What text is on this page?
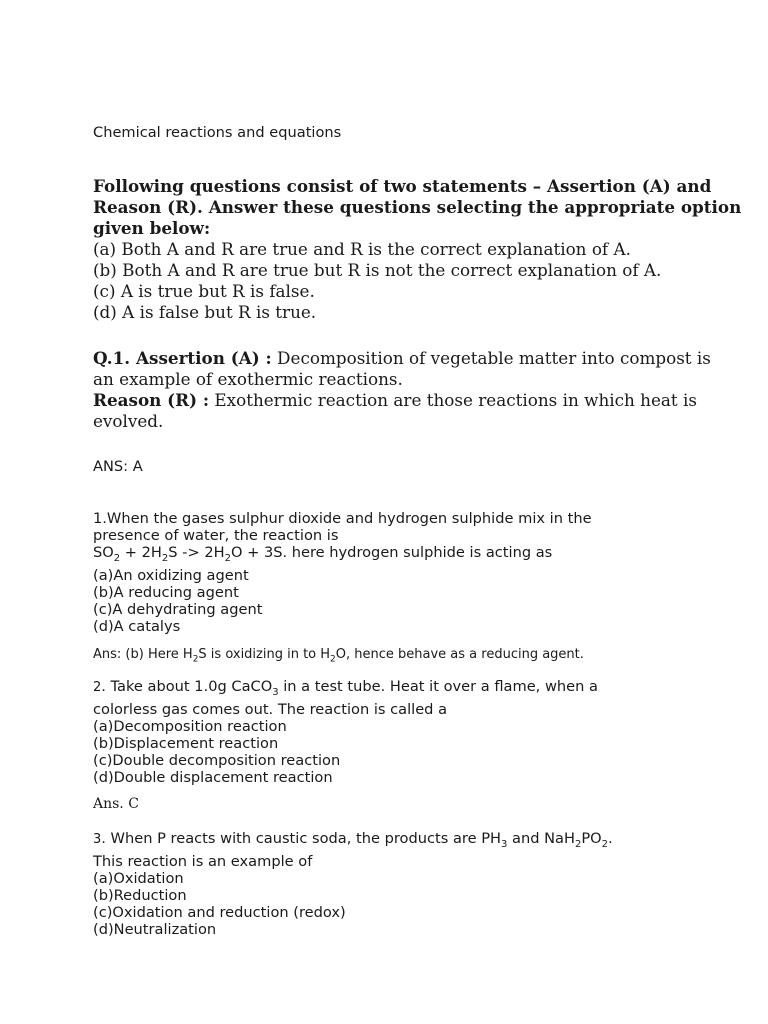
Chemical reactions and equations
Following questions consist of two statements – Assertion (A) and
Reason (R). Answer these questions selecting the appropriate option
given below:
(a) Both A and R are true and R is the correct explanation of A.
(b) Both A and R are true but R is not the correct explanation of A.
(c) A is true but R is false.
(d) A is false but R is true.
Q.1. Assertion (A) : Decomposition of vegetable matter into compost is
an example of exothermic reactions.
Reason (R) : Exothermic reaction are those reactions in which heat is
evolved.
ANS: A
1.When the gases sulphur dioxide and hydrogen sulphide mix in the
presence of water, the reaction is
$SO_2 + 2H_2S -> 2H_2O + 3S$. here hydrogen sulphide is acting as
(a)An oxidizing agent
(b)A reducing agent
(c)A dehydrating agent
(d)A catalys
Ans: (b) Here $H_2S$ is oxidizing in to $H_2O$, hence behave as a reducing agent.
2. Take about 1.0g CaCO$_3$ in a test tube. Heat it over a flame, when a
colorless gas comes out. The reaction is called a
(a)Decomposition reaction
(b)Displacement reaction
(c)Double decomposition reaction
(d)Double displacement reaction
Ans. C
3. When P reacts with caustic soda, the products are $PH_3$ and $NaH_2PO_2$.
This reaction is an example of
(a)Oxidation
(b)Reduction
(c)Oxidation and reduction (redox)
(d)Neutralization
